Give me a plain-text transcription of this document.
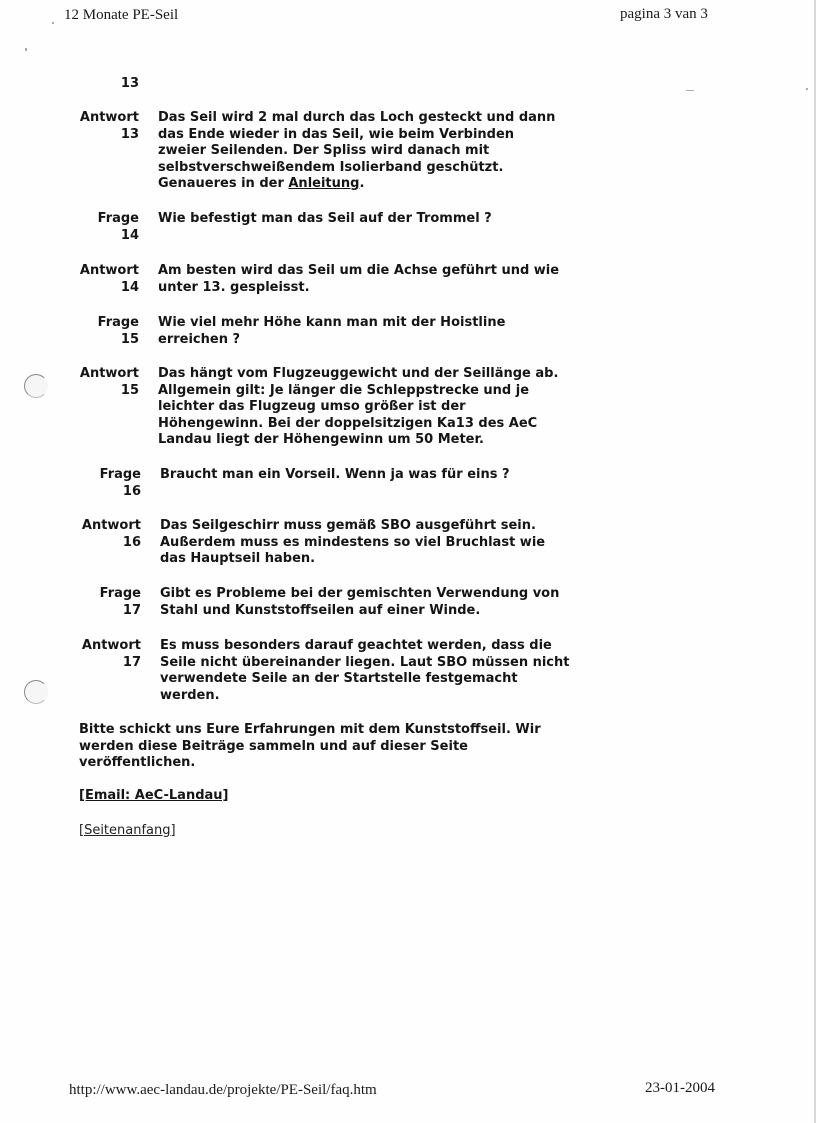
12 Monate PE-Seil	pagina 3 van 3
13
Antwort
13
Das Seil wird 2 mal durch das Loch gesteckt und dann
das Ende wieder in das Seil, wie beim Verbinden
zweier Seilenden. Der Spliss wird danach mit
selbstverschweißendem Isolierband geschützt.
Genaueres in der Anleitung.
Frage
14
Wie befestigt man das Seil auf der Trommel ?
Antwort
14
Am besten wird das Seil um die Achse geführt und wie
unter 13. gespleisst.
Frage
15
Wie viel mehr Höhe kann man mit der Hoistline
erreichen ?
Antwort
15
Das hängt vom Flugzeuggewicht und der Seillänge ab.
Allgemein gilt: Je länger die Schleppstrecke und je
leichter das Flugzeug umso größer ist der
Höhengewinn. Bei der doppelsitzigen Ka13 des AeC
Landau liegt der Höhengewinn um 50 Meter.
Frage
16
Braucht man ein Vorseil. Wenn ja was für eins ?
Antwort
16
Das Seilgeschirr muss gemäß SBO ausgeführt sein.
Außerdem muss es mindestens so viel Bruchlast wie
das Hauptseil haben.
Frage
17
Gibt es Probleme bei der gemischten Verwendung von
Stahl und Kunststoffseilen auf einer Winde.
Antwort
17
Es muss besonders darauf geachtet werden, dass die
Seile nicht übereinander liegen. Laut SBO müssen nicht
verwendete Seile an der Startstelle festgemacht
werden.
Bitte schickt uns Eure Erfahrungen mit dem Kunststoffseil. Wir
werden diese Beiträge sammeln und auf dieser Seite
veröffentlichen.
[Email: AeC-Landau]
[Seitenanfang]
http://www.aec-landau.de/projekte/PE-Seil/faq.htm	23-01-2004
